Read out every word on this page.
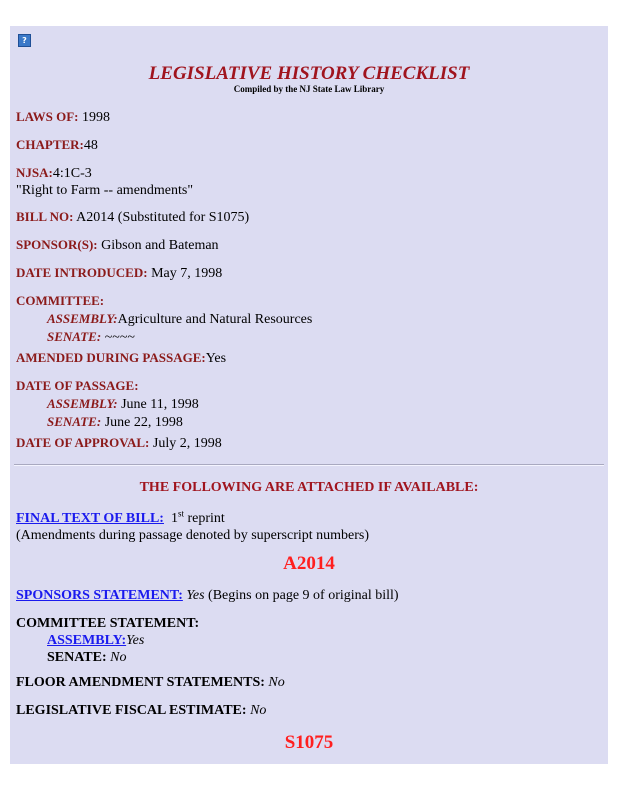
?
LEGISLATIVE HISTORY CHECKLIST
Compiled by the NJ State Law Library
LAWS OF: 1998
CHAPTER:48
NJSA:4:1C-3
"Right to Farm -- amendments"
BILL NO: A2014 (Substituted for S1075)
SPONSOR(S): Gibson and Bateman
DATE INTRODUCED: May 7, 1998
COMMITTEE:
ASSEMBLY:Agriculture and Natural Resources
SENATE: ~~~~
AMENDED DURING PASSAGE:Yes
DATE OF PASSAGE:
ASSEMBLY: June 11, 1998
SENATE: June 22, 1998
DATE OF APPROVAL: July 2, 1998
THE FOLLOWING ARE ATTACHED IF AVAILABLE:
FINAL TEXT OF BILL: 1st reprint
(Amendments during passage denoted by superscript numbers)
A2014
SPONSORS STATEMENT: Yes (Begins on page 9 of original bill)
COMMITTEE STATEMENT:
ASSEMBLY:Yes
SENATE: No
FLOOR AMENDMENT STATEMENTS: No
LEGISLATIVE FISCAL ESTIMATE: No
S1075
